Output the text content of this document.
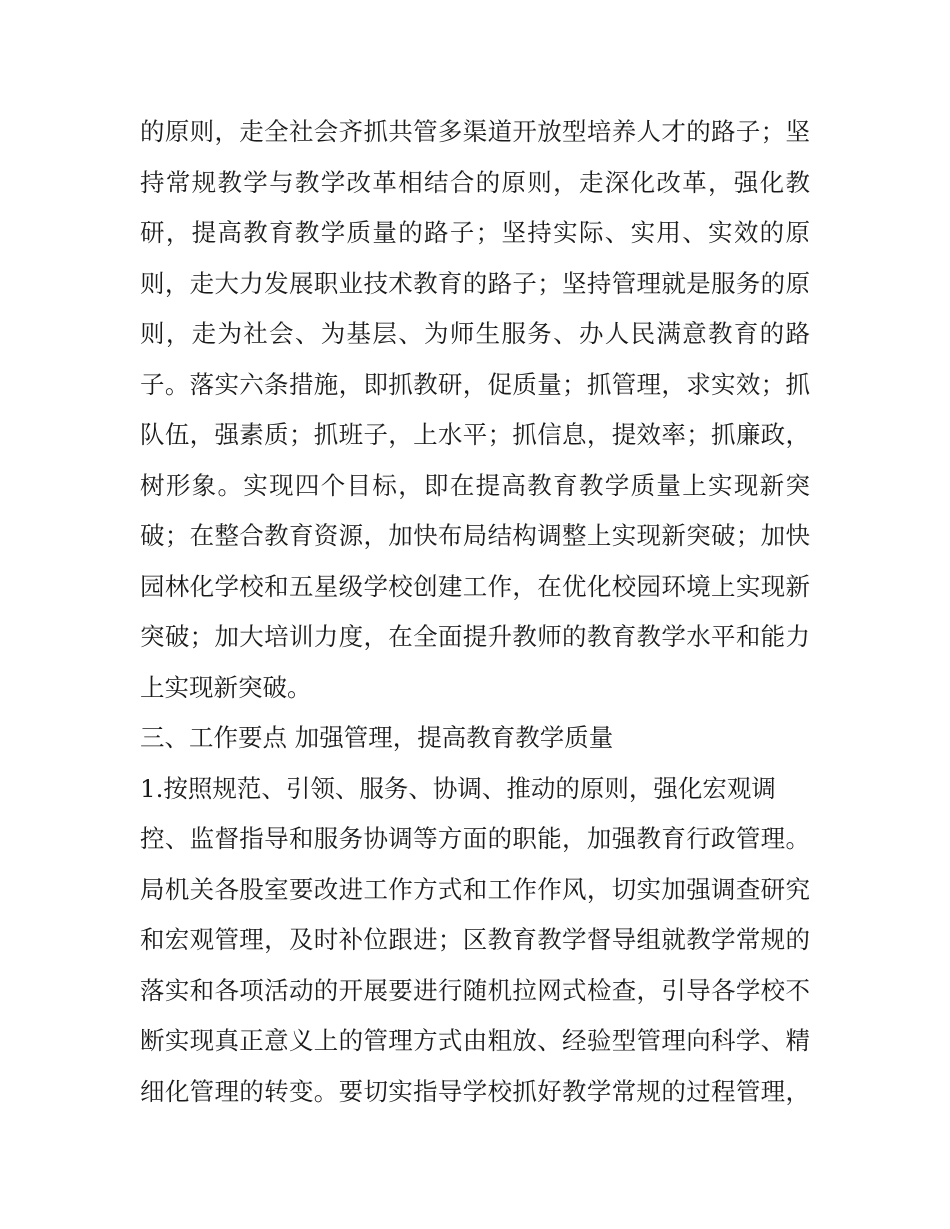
的原则，走全社会齐抓共管多渠道开放型培养人才的路子；坚
持常规教学与教学改革相结合的原则，走深化改革，强化教
研，提高教育教学质量的路子；坚持实际、实用、实效的原
则，走大力发展职业技术教育的路子；坚持管理就是服务的原
则，走为社会、为基层、为师生服务、办人民满意教育的路
子。落实六条措施，即抓教研，促质量；抓管理，求实效；抓
队伍，强素质；抓班子，上水平；抓信息，提效率；抓廉政，
树形象。实现四个目标，即在提高教育教学质量上实现新突
破；在整合教育资源，加快布局结构调整上实现新突破；加快
园林化学校和五星级学校创建工作，在优化校园环境上实现新
突破；加大培训力度，在全面提升教师的教育教学水平和能力
上实现新突破。
三、工作要点 加强管理，提高教育教学质量
1.按照规范、引领、服务、协调、推动的原则，强化宏观调
控、监督指导和服务协调等方面的职能，加强教育行政管理。
局机关各股室要改进工作方式和工作作风，切实加强调查研究
和宏观管理，及时补位跟进；区教育教学督导组就教学常规的
落实和各项活动的开展要进行随机拉网式检查，引导各学校不
断实现真正意义上的管理方式由粗放、经验型管理向科学、精
细化管理的转变。要切实指导学校抓好教学常规的过程管理，
